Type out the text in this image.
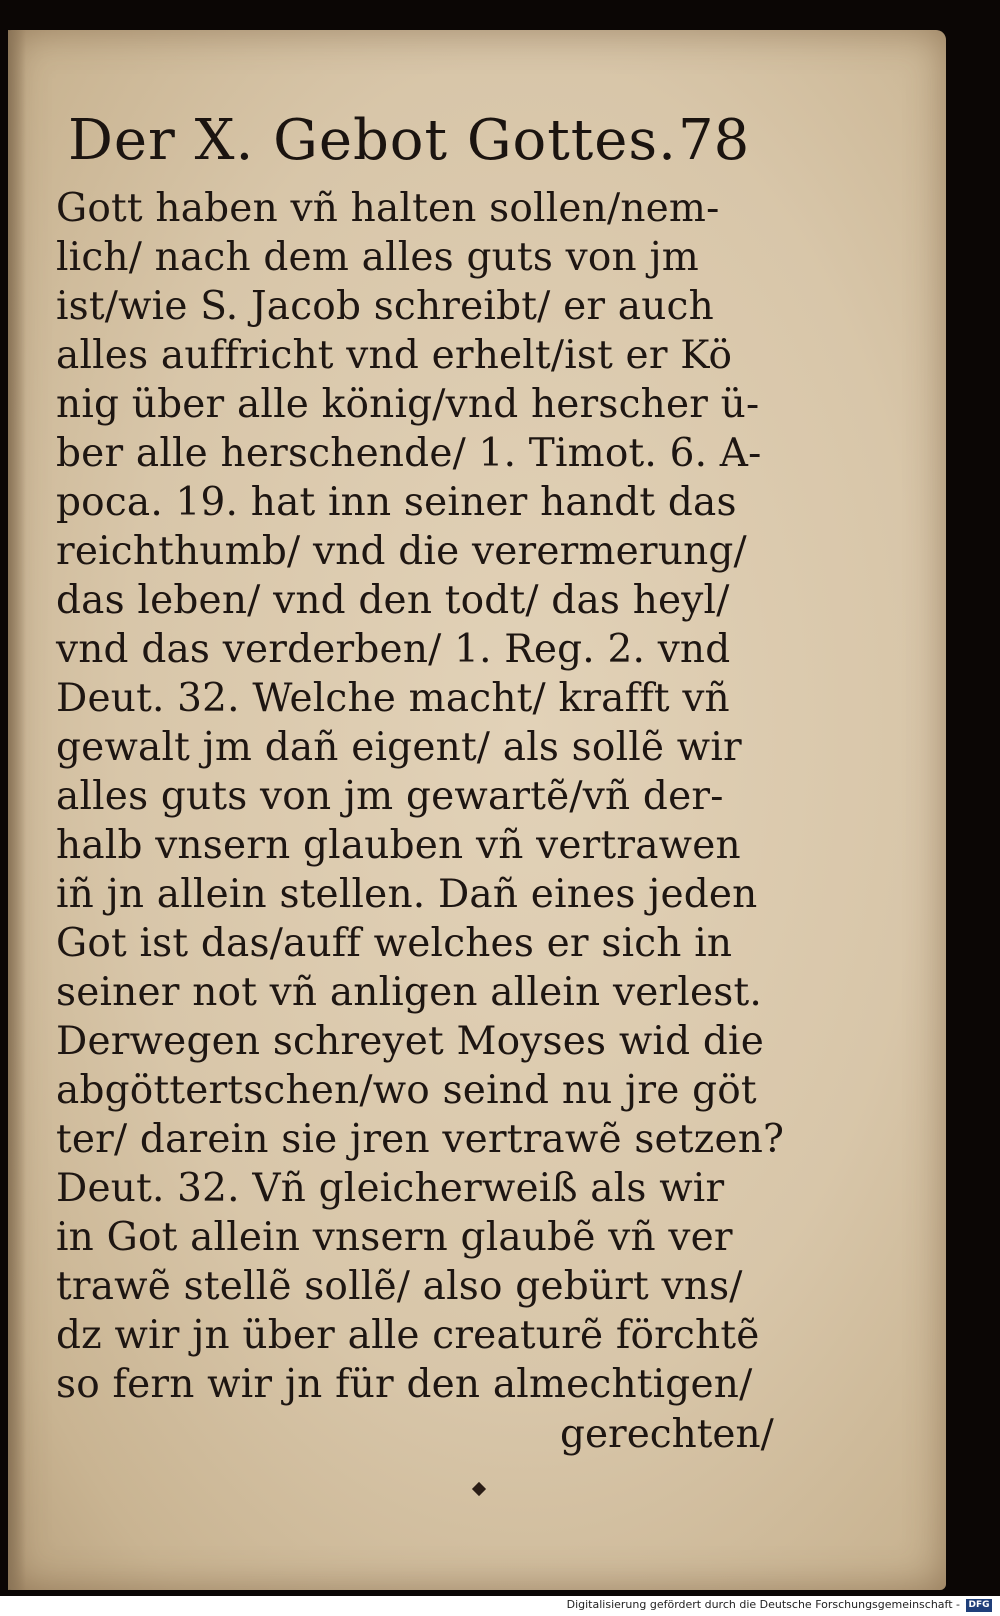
Der X. Gebot Gottes. 78
Gott haben vñ halten sollen/nem-
lich/ nach dem alles guts von jm
ist/wie S. Jacob schreibt/ er auch
alles auffricht vnd erhelt/ist er Kö
nig über alle könig/vnd herscher ü-
ber alle herschende/ 1. Timot. 6. A-
poca. 19. hat inn seiner handt das
reichthumb/ vnd die verermerung/
das leben/ vnd den todt/ das heyl/
vnd das verderben/ 1. Reg. 2. vnd
Deut. 32. Welche macht/ krafft vñ
gewalt jm dañ eigent/ als sollẽ wir
alles guts von jm gewartẽ/vñ der-
halb vnsern glauben vñ vertrawen
iñ jn allein stellen. Dañ eines jeden
Got ist das/auff welches er sich in
seiner not vñ anligen allein verlest.
Derwegen schreyet Moyses wid die
abgöttertschen/wo seind nu jre göt
ter/ darein sie jren vertrawẽ setzen?
Deut. 32. Vñ gleicherweiß als wir
in Got allein vnsern glaubẽ vñ ver
trawẽ stellẽ sollẽ/ also gebürt vns/
dz wir jn über alle creaturẽ förchtẽ
so fern wir jn für den almechtigen/
gerechten/
Digitalisierung gefördert durch die Deutsche Forschungsgemeinschaft - DFG
